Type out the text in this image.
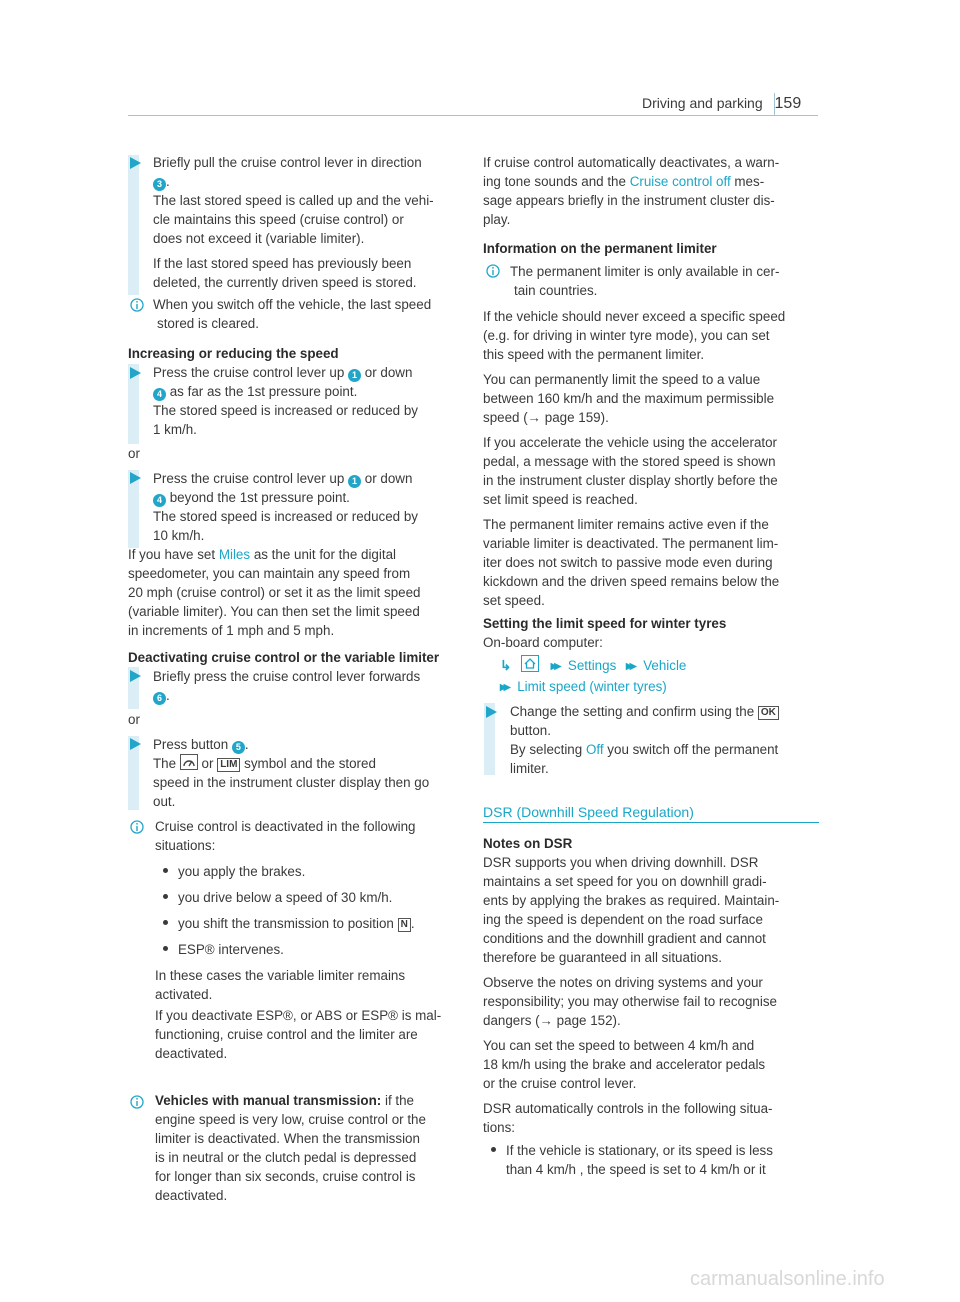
Driving and parking 159

Briefly pull the cruise control lever in direction

3 .

The last stored speed is called up and the vehi-

cle maintains this speed (cruise control) or

does not exceed it (variable limiter).

If the last stored speed has previously been

deleted, the currently driven speed is stored.

When you switch off the vehicle, the last speed

stored is cleared.

Increasing or reducing the speed

Press the cruise control lever up 1 or down

4 as far as the 1st pressure point.

The stored speed is increased or reduced by

1 km/h.

or

Press the cruise control lever up 1 or down

4 beyond the 1st pressure point.

The stored speed is increased or reduced by

10 km/h.

If you have set Miles as the unit for the digital

speedometer, you can maintain any speed from

20 mph (cruise control) or set it as the limit speed

(variable limiter). You can then set the limit speed

in increments of 1 mph and 5 mph.

Deactivating cruise control or the variable limiter

Briefly press the cruise control lever forwards

6 .

or

Press button 5 .

The or LIM symbol and the stored

speed in the instrument cluster display then go

out.

Cruise control is deactivated in the following

situations:

you apply the brakes.

you drive below a speed of 30 km/h.

you shift the transmission to position N .

ESP® intervenes.

In these cases the variable limiter remains

activated.

If you deactivate ESP®, or ABS or ESP® is mal-

functioning, cruise control and the limiter are

deactivated.

Vehicles with manual transmission: if the

engine speed is very low, cruise control or the

limiter is deactivated. When the transmission

is in neutral or the clutch pedal is depressed

for longer than six seconds, cruise control is

deactivated.

If cruise control automatically deactivates, a warn-

ing tone sounds and the Cruise control off mes-

sage appears briefly in the instrument cluster dis-

play.

Information on the permanent limiter

The permanent limiter is only available in cer-

tain countries.

If the vehicle should never exceed a specific speed

(e.g. for driving in winter tyre mode), you can set

this speed with the permanent limiter.

You can permanently limit the speed to a value

between 160 km/h and the maximum permissible

speed (→ page 159).

If you accelerate the vehicle using the accelerator

pedal, a message with the stored speed is shown

in the instrument cluster display shortly before the

set limit speed is reached.

The permanent limiter remains active even if the

variable limiter is deactivated. The permanent lim-

iter does not switch to passive mode even during

kickdown and the driven speed remains below the

set speed.

Setting the limit speed for winter tyres
On-board computer:
↳	▸▸ Settings ▸▸ Vehicle
▸▸ Limit speed (winter tyres)

Change the setting and confirm using the OK

button.

By selecting Off you switch off the permanent

limiter.

DSR (Downhill Speed Regulation)
Notes on DSR

DSR supports you when driving downhill. DSR

maintains a set speed for you on downhill gradi-

ents by applying the brakes as required. Maintain-

ing the speed is dependent on the road surface

conditions and the downhill gradient and cannot

therefore be guaranteed in all situations.

Observe the notes on driving systems and your

responsibility; you may otherwise fail to recognise

dangers (→ page 152).

You can set the speed to between 4 km/h and

18 km/h using the brake and accelerator pedals

or the cruise control lever.

DSR automatically controls in the following situa-

tions:

If the vehicle is stationary, or its speed is less

than 4 km/h , the speed is set to 4 km/h or it

carmanualsonline.info
